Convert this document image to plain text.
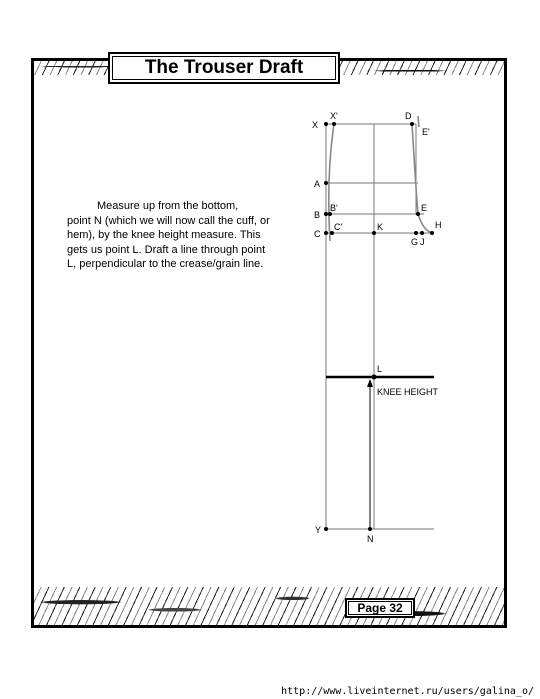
The Trouser Draft

Measure up from the bottom,

point N (which we will now call the cuff, or hem), by the knee height measure. This gets us point L. Draft a line through point L, perpendicular to the crease/grain line.

X
X'	D
E'
A
B
B'	E
C
C'	K
G J
H
L
KNEE HEIGHT
Y
N
Page 32
http://www.liveinternet.ru/users/galina_o/
